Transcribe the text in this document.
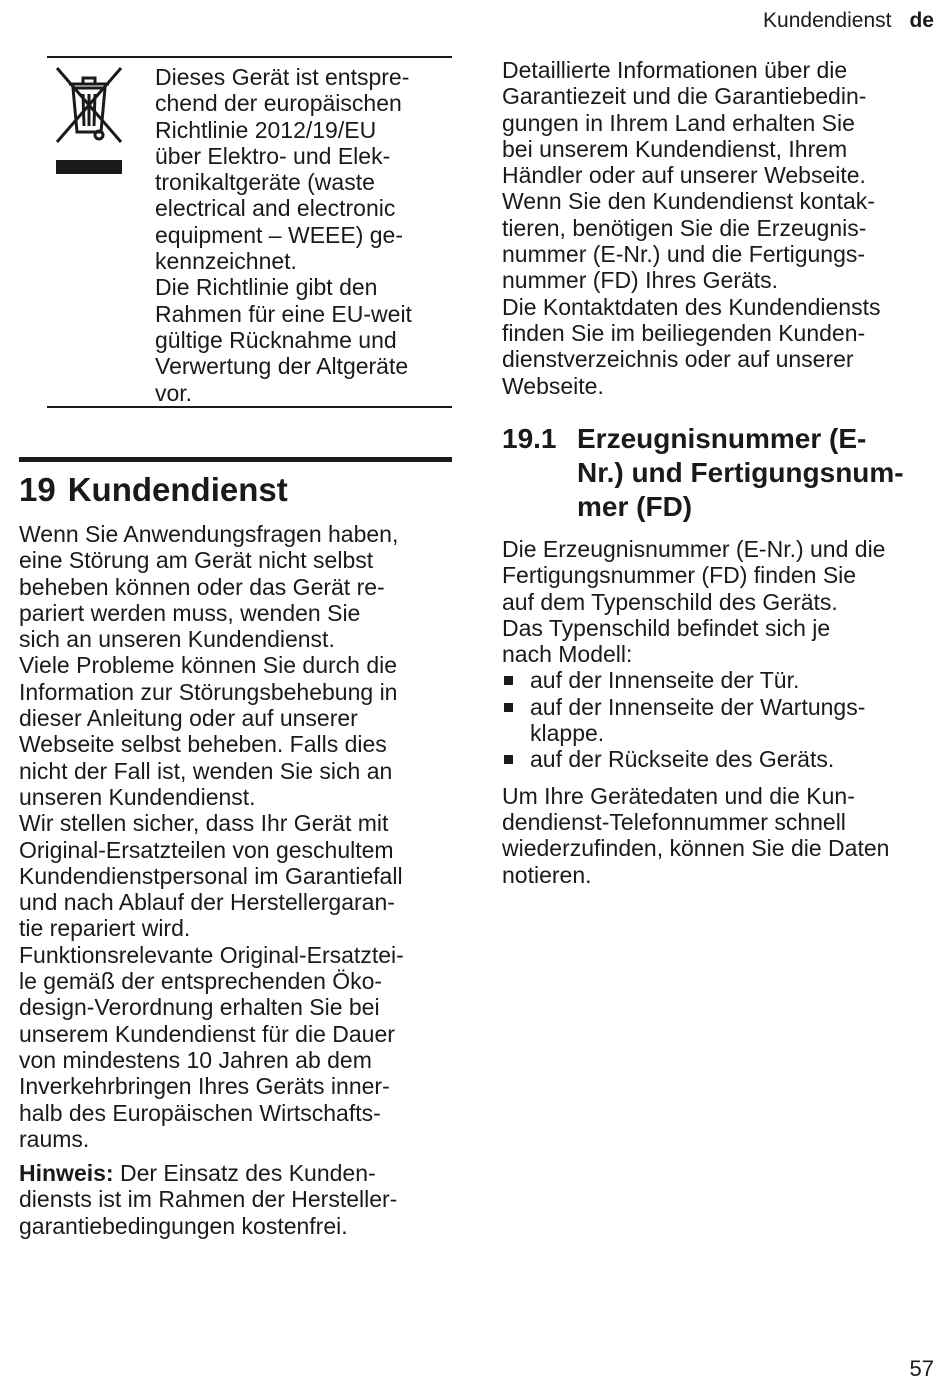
Kundendienst de

Dieses Gerät ist entspre-

chend der europäischen

Richtlinie 2012/19/EU

über Elektro- und Elek-

tronikaltgeräte (waste

electrical and electronic

equipment – WEEE) ge-

kennzeichnet.

Die Richtlinie gibt den

Rahmen für eine EU-weit

gültige Rücknahme und

Verwertung der Altgeräte

vor.

19 Kundendienst

Wenn Sie Anwendungsfragen haben,

eine Störung am Gerät nicht selbst

beheben können oder das Gerät re-

pariert werden muss, wenden Sie

sich an unseren Kundendienst.

Viele Probleme können Sie durch die

Information zur Störungsbehebung in

dieser Anleitung oder auf unserer

Webseite selbst beheben. Falls dies

nicht der Fall ist, wenden Sie sich an

unseren Kundendienst.

Wir stellen sicher, dass Ihr Gerät mit

Original-Ersatzteilen von geschultem

Kundendienstpersonal im Garantiefall

und nach Ablauf der Herstellergaran-

tie repariert wird.

Funktionsrelevante Original-Ersatztei-

le gemäß der entsprechenden Öko-

design-Verordnung erhalten Sie bei

unserem Kundendienst für die Dauer

von mindestens 10 Jahren ab dem

Inverkehrbringen Ihres Geräts inner-

halb des Europäischen Wirtschafts-

raums.

Hinweis: Der Einsatz des Kunden-

diensts ist im Rahmen der Hersteller-

garantiebedingungen kostenfrei.

Detaillierte Informationen über die

Garantiezeit und die Garantiebedin-

gungen in Ihrem Land erhalten Sie

bei unserem Kundendienst, Ihrem

Händler oder auf unserer Webseite.

Wenn Sie den Kundendienst kontak-

tieren, benötigen Sie die Erzeugnis-

nummer (E-Nr.) und die Fertigungs-

nummer (FD) Ihres Geräts.

Die Kontaktdaten des Kundendiensts

finden Sie im beiliegenden Kunden-

dienstverzeichnis oder auf unserer

Webseite.

19.1 Erzeugnisnummer (E-
Nr.) und Fertigungsnum-
mer (FD)

Die Erzeugnisnummer (E-Nr.) und die

Fertigungsnummer (FD) finden Sie

auf dem Typenschild des Geräts.

Das Typenschild befindet sich je

nach Modell:

auf der Innenseite der Tür.
auf der Innenseite der Wartungs-
klappe.
auf der Rückseite des Geräts.

Um Ihre Gerätedaten und die Kun-

dendienst-Telefonnummer schnell

wiederzufinden, können Sie die Daten

notieren.

57
